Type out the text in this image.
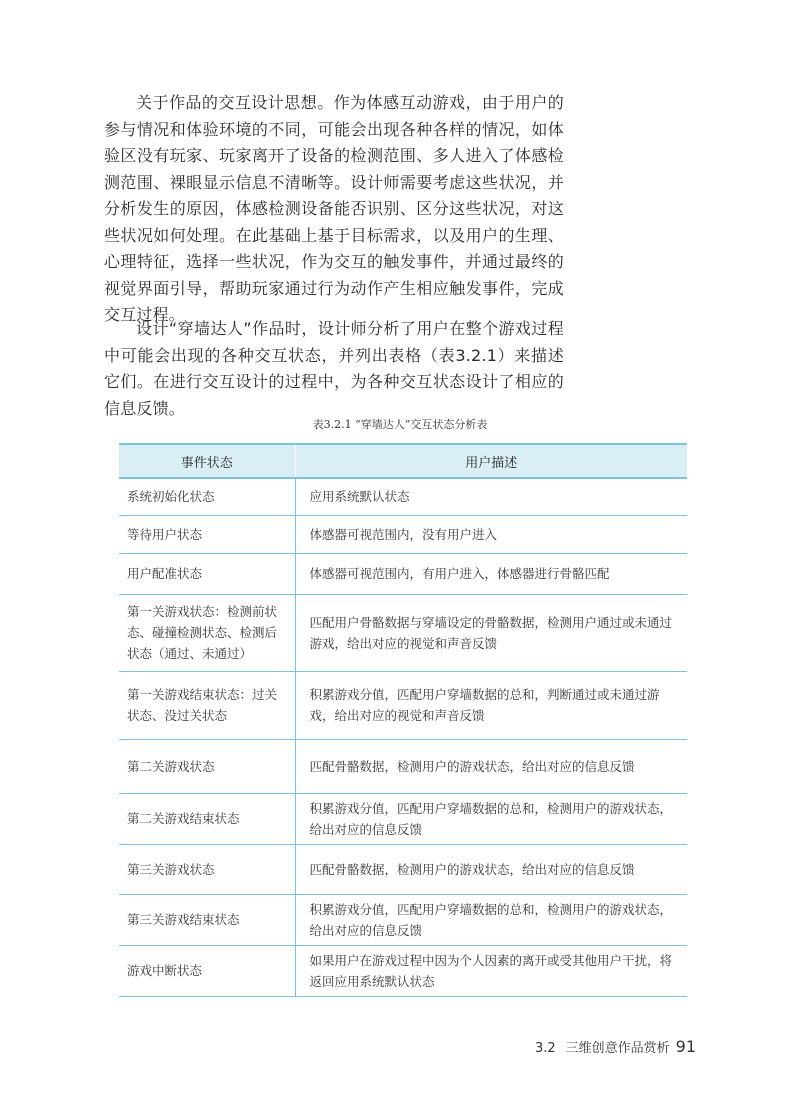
关于作品的交互设计思想。作为体感互动游戏，由于用户的参与情况和体验环境的不同，可能会出现各种各样的情况，如体验区没有玩家、玩家离开了设备的检测范围、多人进入了体感检测范围、裸眼显示信息不清晰等。设计师需要考虑这些状况，并分析发生的原因，体感检测设备能否识别、区分这些状况，对这些状况如何处理。在此基础上基于目标需求，以及用户的生理、心理特征，选择一些状况，作为交互的触发事件，并通过最终的视觉界面引导，帮助玩家通过行为动作产生相应触发事件，完成交互过程。

设计“穿墙达人”作品时，设计师分析了用户在整个游戏过程中可能会出现的各种交互状态，并列出表格（表3.2.1）来描述它们。在进行交互设计的过程中，为各种交互状态设计了相应的信息反馈。

表3.2.1 “穿墙达人”交互状态分析表
事件状态	用户描述
系统初始化状态	应用系统默认状态
等待用户状态	体感器可视范围内，没有用户进入
用户配准状态	体感器可视范围内，有用户进入，体感器进行骨骼匹配
第一关游戏状态：检测前状态、碰撞检测状态、检测后状态（通过、未通过）	匹配用户骨骼数据与穿墙设定的骨骼数据，检测用户通过或未通过游戏，给出对应的视觉和声音反馈
第一关游戏结束状态：过关状态、没过关状态	积累游戏分值，匹配用户穿墙数据的总和，判断通过或未通过游戏，给出对应的视觉和声音反馈
第二关游戏状态	匹配骨骼数据，检测用户的游戏状态，给出对应的信息反馈
第二关游戏结束状态	积累游戏分值，匹配用户穿墙数据的总和，检测用户的游戏状态，给出对应的信息反馈
第三关游戏状态	匹配骨骼数据，检测用户的游戏状态，给出对应的信息反馈
第三关游戏结束状态	积累游戏分值，匹配用户穿墙数据的总和，检测用户的游戏状态，给出对应的信息反馈
游戏中断状态	如果用户在游戏过程中因为个人因素的离开或受其他用户干扰，将返回应用系统默认状态
3.2 三维创意作品赏析 91
